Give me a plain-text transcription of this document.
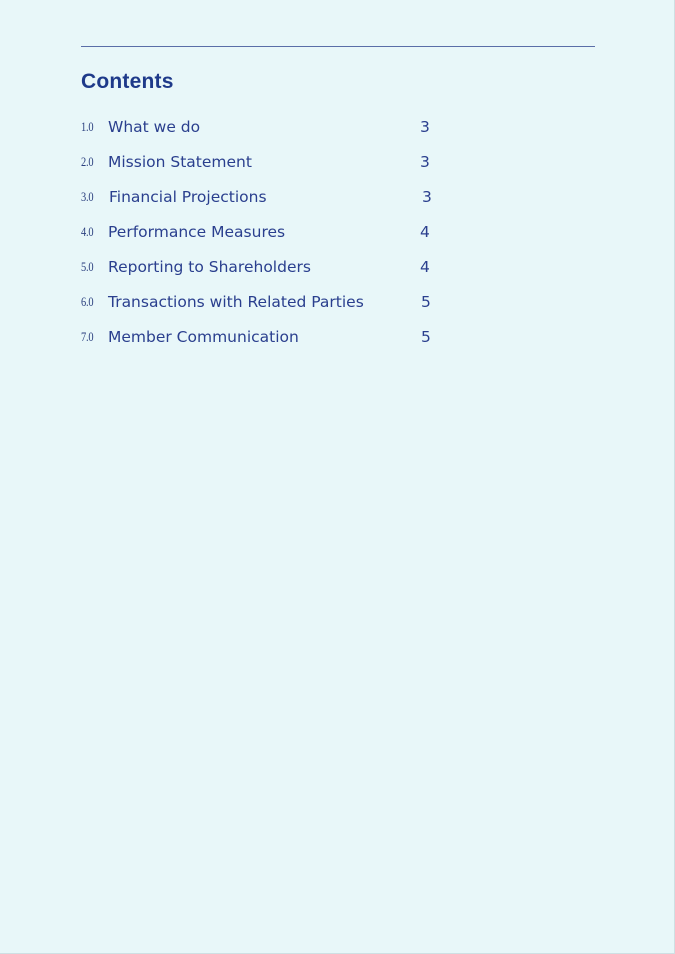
Contents
1.0 What we do	3
2.0 Mission Statement	3
3.0 Financial Projections	3
4.0 Performance Measures	4
5.0 Reporting to Shareholders	4
6.0 Transactions with Related Parties	5
7.0 Member Communication	5
